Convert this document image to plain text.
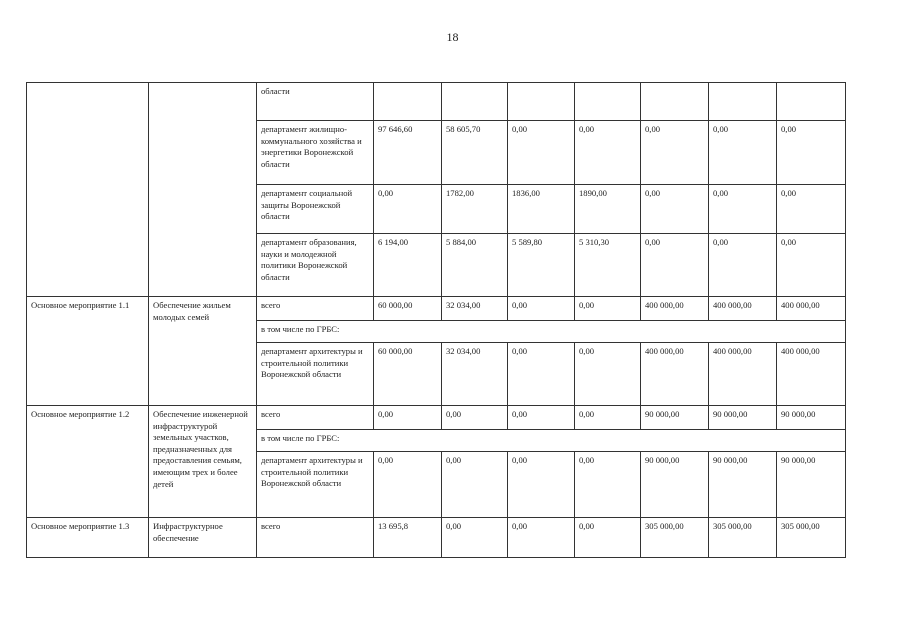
18
		области							
		департамент жилищно-коммунального хозяйства и энергетики Воронежской области	97 646,60	58 605,70	0,00	0,00	0,00	0,00	0,00
		департамент социальной защиты Воронежской области	0,00	1782,00	1836,00	1890,00	0,00	0,00	0,00
		департамент образования, науки и молодежной политики Воронежской области	6 194,00	5 884,00	5 589,80	5 310,30	0,00	0,00	0,00
Основное мероприятие 1.1	Обеспечение жильем молодых семей	всего	60 000,00	32 034,00	0,00	0,00	400 000,00	400 000,00	400 000,00
		в том числе по ГРБС:							
		департамент архитектуры и строительной политики Воронежской области	60 000,00	32 034,00	0,00	0,00	400 000,00	400 000,00	400 000,00
Основное мероприятие 1.2	Обеспечение инженерной инфраструктурой земельных участков, предназначенных для предоставления семьям, имеющим трех и более детей	всего	0,00	0,00	0,00	0,00	90 000,00	90 000,00	90 000,00
		в том числе по ГРБС:							
		департамент архитектуры и строительной политики Воронежской области	0,00	0,00	0,00	0,00	90 000,00	90 000,00	90 000,00
Основное мероприятие 1.3	Инфраструктурное обеспечение	всего	13 695,8	0,00	0,00	0,00	305 000,00	305 000,00	305 000,00
